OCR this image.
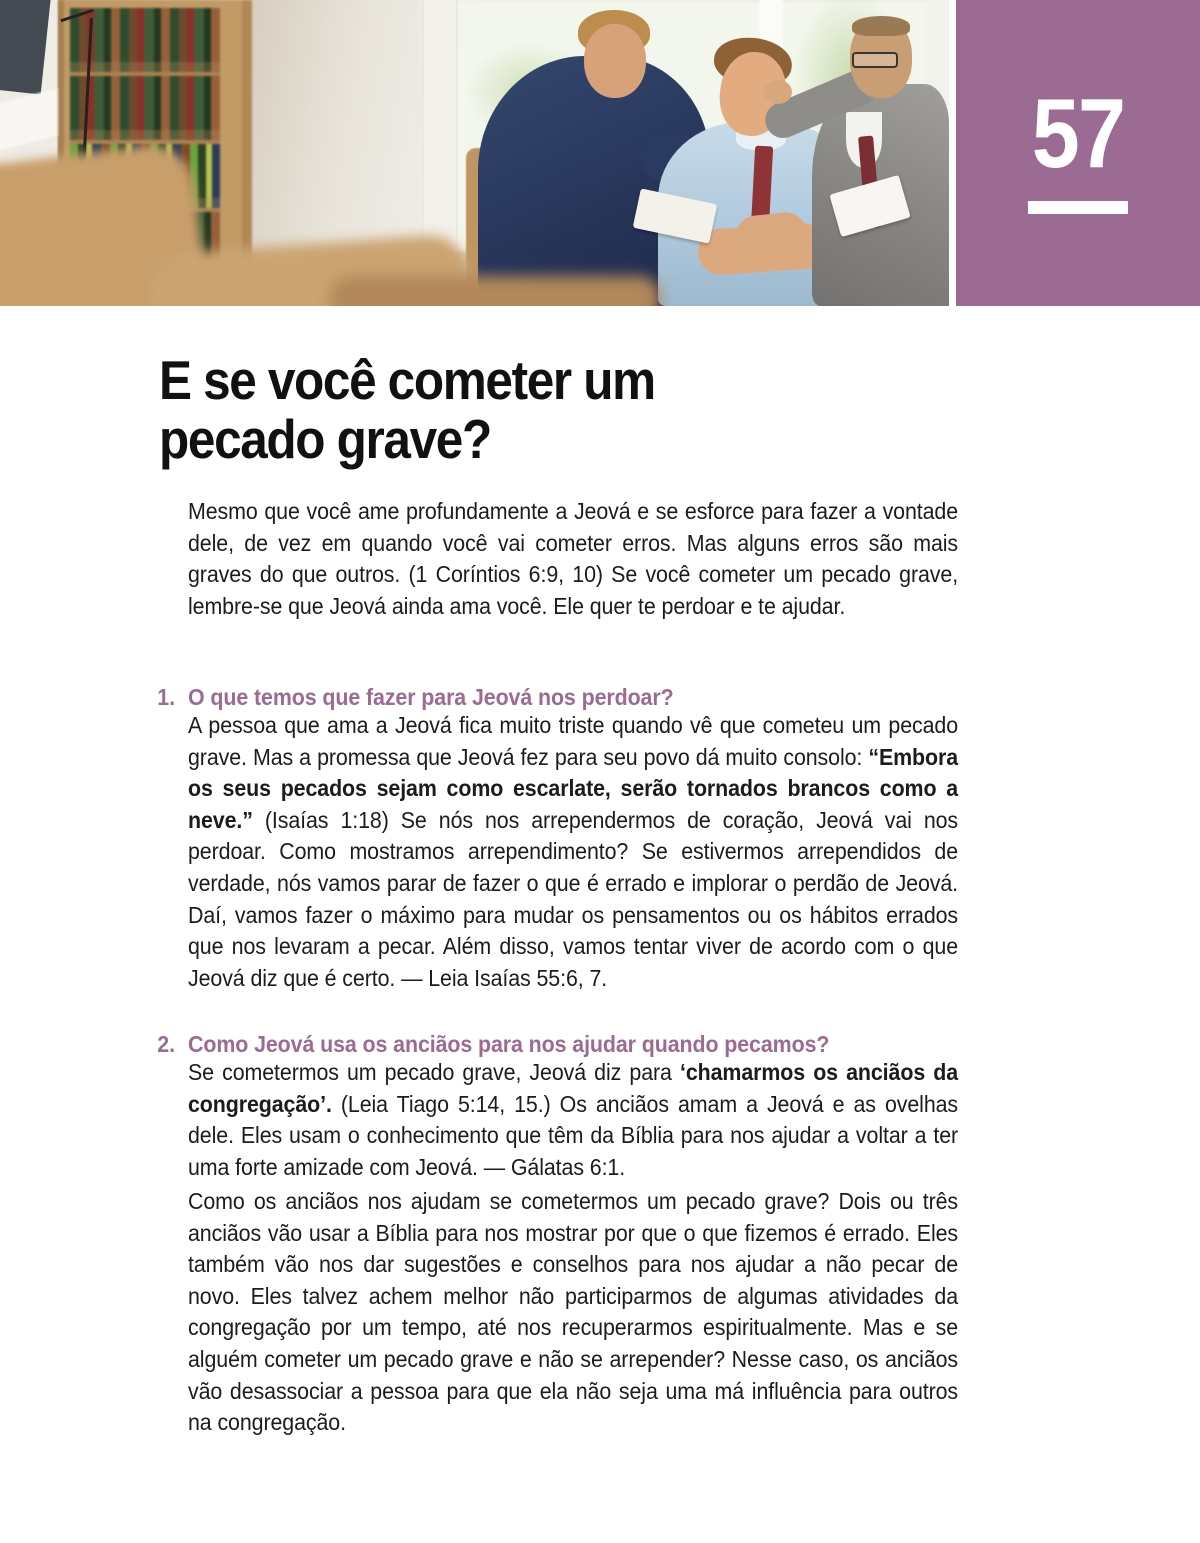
57
E se você cometer um
pecado grave?

Mesmo que você ame profundamente a Jeová e se esforce para fazer a vontade dele, de vez em quando você vai cometer erros. Mas alguns erros são mais graves do que outros. (1 Coríntios 6:9, 10) Se você cometer um pecado grave, lembre-se que Jeová ainda ama você. Ele quer te perdoar e te ajudar.

1. O que temos que fazer para Jeová nos perdoar?

A pessoa que ama a Jeová fica muito triste quando vê que cometeu um pecado grave. Mas a promessa que Jeová fez para seu povo dá muito consolo: “Embora os seus pecados sejam como escarlate, serão tornados brancos como a neve.” (Isaías 1:18) Se nós nos arrependermos de coração, Jeová vai nos perdoar. Como mostramos arrependimento? Se estivermos arrependidos de verdade, nós vamos parar de fazer o que é errado e implorar o perdão de Jeová. Daí, vamos fazer o máximo para mudar os pensamentos ou os hábitos errados que nos levaram a pecar. Além disso, vamos tentar viver de acordo com o que Jeová diz que é certo. — Leia Isaías 55:6, 7.

2. Como Jeová usa os anciãos para nos ajudar quando pecamos?

Se cometermos um pecado grave, Jeová diz para ‘chamarmos os anciãos da congregação’. (Leia Tiago 5:14, 15.) Os anciãos amam a Jeová e as ovelhas dele. Eles usam o conhecimento que têm da Bíblia para nos ajudar a voltar a ter uma forte amizade com Jeová. — Gálatas 6:1.

Como os anciãos nos ajudam se cometermos um pecado grave? Dois ou três anciãos vão usar a Bíblia para nos mostrar por que o que fizemos é errado. Eles também vão nos dar sugestões e conselhos para nos ajudar a não pecar de novo. Eles talvez achem melhor não participarmos de algumas atividades da congregação por um tempo, até nos recuperarmos espiritualmente. Mas e se alguém cometer um pecado grave e não se arrepender? Nesse caso, os anciãos vão desassociar a pessoa para que ela não seja uma má influência para outros na congregação.
